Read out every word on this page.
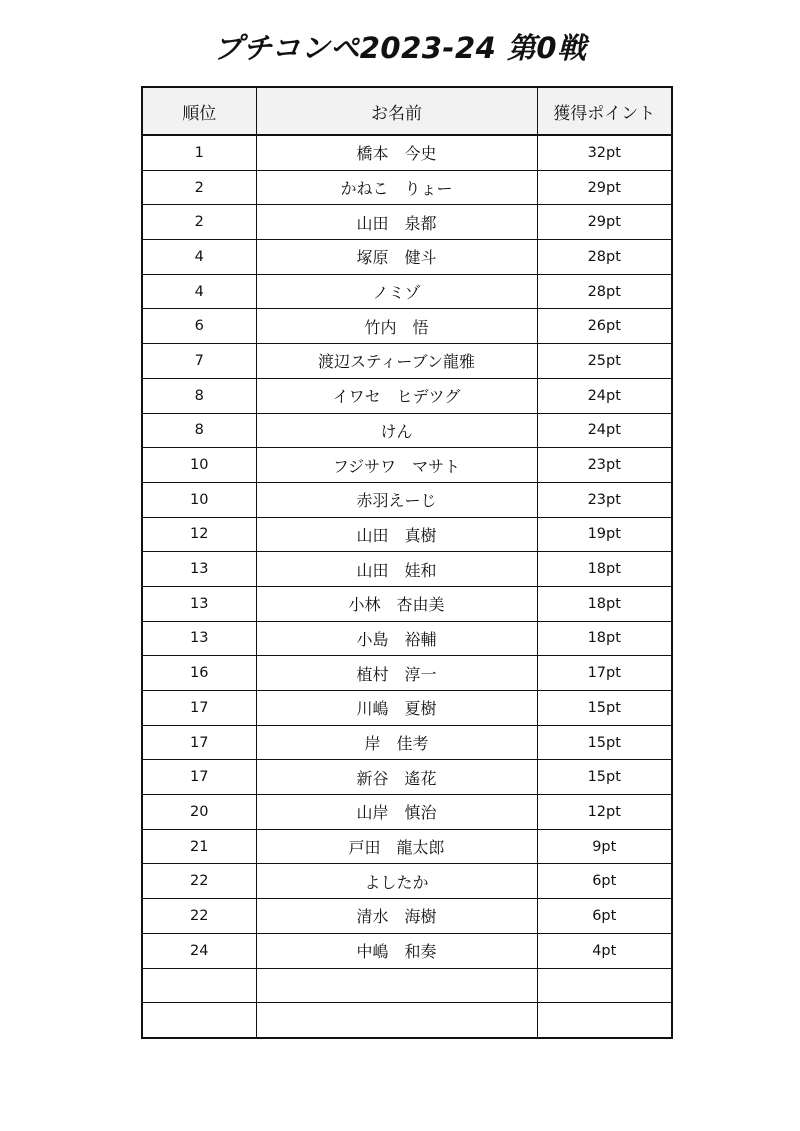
プチコンペ2023-24 第0戦
順位	お名前	獲得ポイント
1	橋本　今史	32pt
2	かねこ　りょー	29pt
2	山田　泉都	29pt
4	塚原　健斗	28pt
4	ノミゾ	28pt
6	竹内　悟	26pt
7	渡辺スティーブン龍雅	25pt
8	イワセ　ヒデツグ	24pt
8	けん	24pt
10	フジサワ　マサト	23pt
10	赤羽えーじ	23pt
12	山田　真樹	19pt
13	山田　娃和	18pt
13	小林　杏由美	18pt
13	小島　裕輔	18pt
16	植村　淳一	17pt
17	川嶋　夏樹	15pt
17	岸　佳考	15pt
17	新谷　遙花	15pt
20	山岸　慎治	12pt
21	戸田　龍太郎	9pt
22	よしたか	6pt
22	清水　海樹	6pt
24	中嶋　和奏	4pt
